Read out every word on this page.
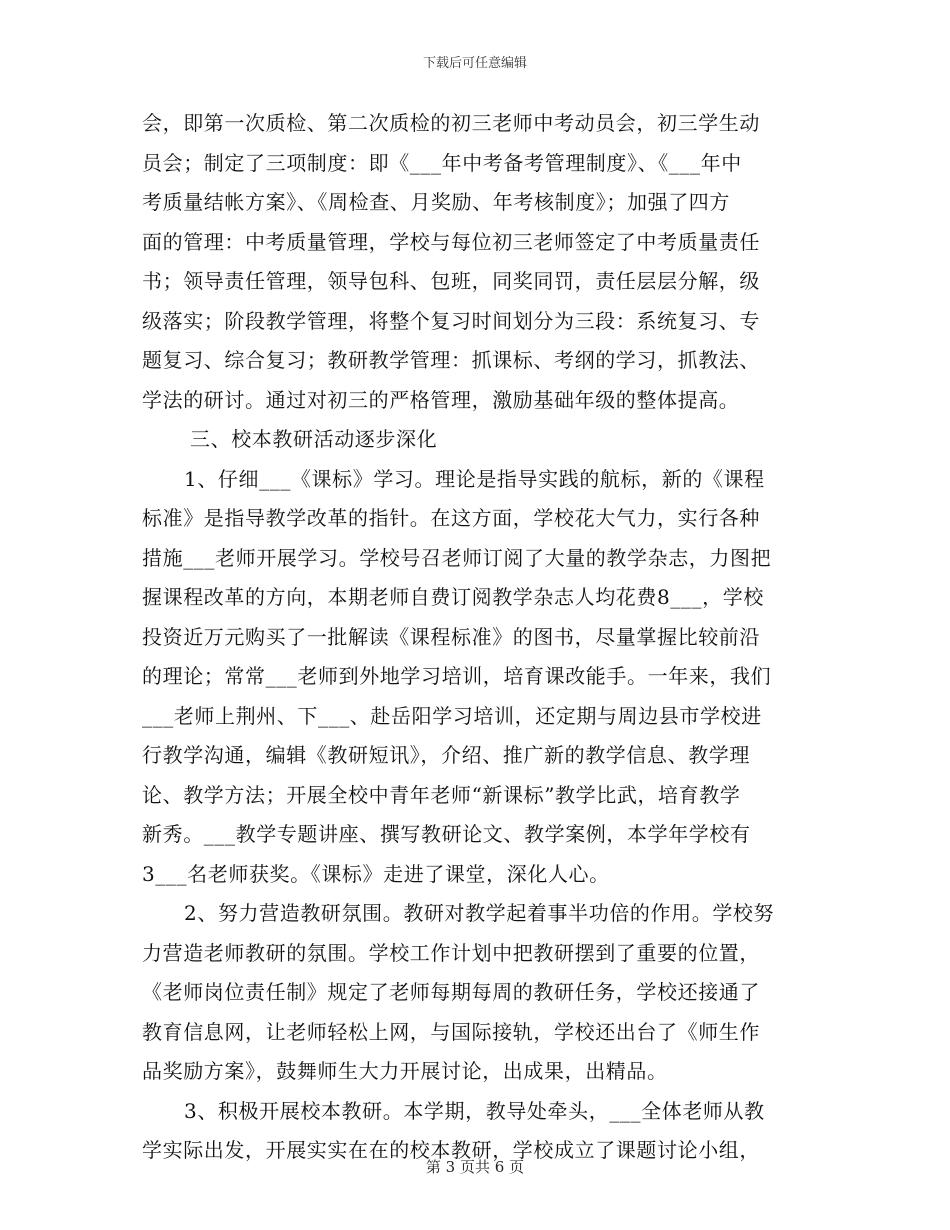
下载后可任意编辑
会，即第一次质检、第二次质检的初三老师中考动员会，初三学生动
员会；制定了三项制度：即《___年中考备考管理制度》、《___年中
考质量结帐方案》、《周检查、月奖励、年考核制度》；加强了四方
面的管理：中考质量管理，学校与每位初三老师签定了中考质量责任
书；领导责任管理，领导包科、包班，同奖同罚，责任层层分解，级
级落实；阶段教学管理，将整个复习时间划分为三段：系统复习、专
题复习、综合复习；教研教学管理：抓课标、考纲的学习，抓教法、
学法的研讨。通过对初三的严格管理，激励基础年级的整体提高。
三、校本教研活动逐步深化
1、仔细___《课标》学习。理论是指导实践的航标，新的《课程
标准》是指导教学改革的指针。在这方面，学校花大气力，实行各种
措施___老师开展学习。学校号召老师订阅了大量的教学杂志，力图把
握课程改革的方向，本期老师自费订阅教学杂志人均花费8___，学校
投资近万元购买了一批解读《课程标准》的图书，尽量掌握比较前沿
的理论；常常___老师到外地学习培训，培育课改能手。一年来，我们
___老师上荆州、下___、赴岳阳学习培训，还定期与周边县市学校进
行教学沟通，编辑《教研短讯》，介绍、推广新的教学信息、教学理
论、教学方法；开展全校中青年老师“新课标”教学比武，培育教学
新秀。___教学专题讲座、撰写教研论文、教学案例，本学年学校有
3___名老师获奖。《课标》走进了课堂，深化人心。
2、努力营造教研氛围。教研对教学起着事半功倍的作用。学校努
力营造老师教研的氛围。学校工作计划中把教研摆到了重要的位置，
《老师岗位责任制》规定了老师每期每周的教研任务，学校还接通了
教育信息网，让老师轻松上网，与国际接轨，学校还出台了《师生作
品奖励方案》，鼓舞师生大力开展讨论，出成果，出精品。
3、积极开展校本教研。本学期，教导处牵头，___全体老师从教
学实际出发，开展实实在在的校本教研，学校成立了课题讨论小组，
第 3 页共 6 页
